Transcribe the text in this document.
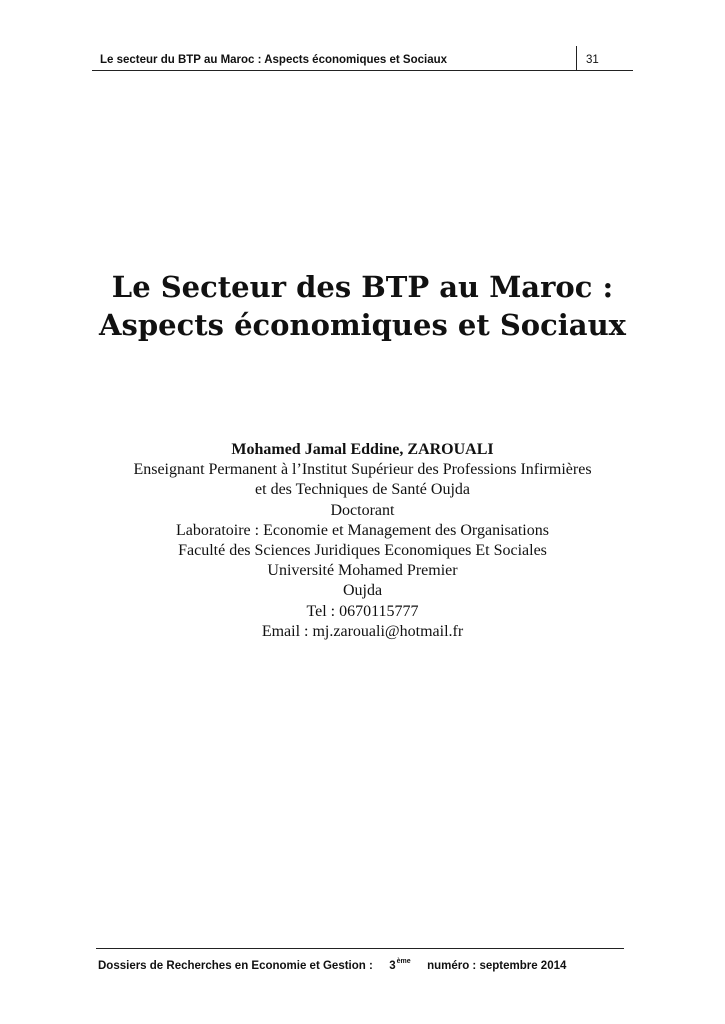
Le secteur du BTP au Maroc : Aspects économiques et Sociaux	31
Le Secteur des BTP au Maroc :
Aspects économiques et Sociaux
Mohamed Jamal Eddine, ZAROUALI
Enseignant Permanent à l’Institut Supérieur des Professions Infirmières
et des Techniques de Santé Oujda
Doctorant
Laboratoire : Economie et Management des Organisations
Faculté des Sciences Juridiques Economiques Et Sociales
Université Mohamed Premier
Oujda
Tel : 0670115777
Email : mj.zarouali@hotmail.fr
Dossiers de Recherches en Economie et Gestion : 3ème numéro : septembre 2014
